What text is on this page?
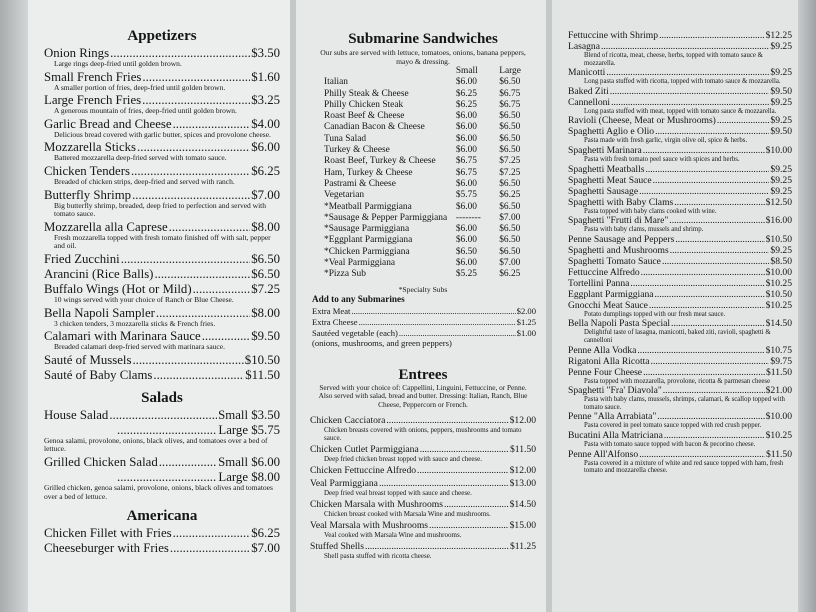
Appetizers
Onion Rings .....	$3.50
Large rings deep-fried until golden brown.
Small French Fries .....	$1.60
A smaller portion of fries, deep-fried until golden brown.
Large French Fries .....	$3.25
A generous mountain of fries, deep-fried until golden brown.
Garlic Bread and Cheese .....	$4.00
Delicious bread covered with garlic butter, spices and provolone cheese.
Mozzarella Sticks .....	$6.00
Battered mozzarella deep-fried served with tomato sauce.
Chicken Tenders .....	$6.25
Breaded of chicken strips, deep-fried and served with ranch.
Butterfly Shrimp .....	$7.00
Big butterfly shrimp, breaded, deep fried to perfection and served with tomato sauce.
Mozzarella alla Caprese .....	$8.00
Fresh mozzarella topped with fresh tomato finished off with salt, pepper and oil.
Fried Zucchini .....	$6.50
Arancini (Rice Balls) .....	$6.50
Buffalo Wings (Hot or Mild) .....	$7.25
10 wings served with your choice of Ranch or Blue Cheese.
Bella Napoli Sampler .....	$8.00
3 chicken tenders, 3 mozzarella sticks & French fries.
Calamari with Marinara Sauce .....	$9.50
Breaded calamari deep-fried served with marinara sauce.
Sauté of Mussels .....	$10.50
Sauté of Baby Clams .....	$11.50
Salads
House Salad .....	Small $3.50
.....
Large $5.75
Genoa salami, provolone, onions, black olives, and tomatoes over a bed of lettuce.
Grilled Chicken Salad .....	Small $6.00
.....
Large $8.00
Grilled chicken, genoa salami, provolone, onions, black olives and tomatoes over a bed of lettuce.
Americana
Chicken Fillet with Fries .....	$6.25
Cheeseburger with Fries .....	$7.00
Submarine Sandwiches
Our subs are served with lettuce, tomatoes, onions, banana peppers, mayo & dressing.
	Small	Large
Italian	$6.00	$6.50
Philly Steak & Cheese	$6.25	$6.75
Philly Chicken Steak	$6.25	$6.75
Roast Beef & Cheese	$6.00	$6.50
Canadian Bacon & Cheese	$6.00	$6.50
Tuna Salad	$6.00	$6.50
Turkey & Cheese	$6.00	$6.50
Roast Beef, Turkey & Cheese	$6.75	$7.25
Ham, Turkey & Cheese	$6.75	$7.25
Pastrami & Cheese	$6.00	$6.50
Vegetarian	$5.75	$6.25
*Meatball Parmiggiana	$6.00	$6.50
*Sausage & Pepper Parmiggiana	--------	$7.00
*Sausage Parmiggiana	$6.00	$6.50
*Eggplant Parmiggiana	$6.00	$6.50
*Chicken Parmiggiana	$6.50	$6.50
*Veal Parmiggiana	$6.00	$7.00
*Pizza Sub	$5.25	$6.25
*Specialty Subs
Add to any Submarines
Extra Meat .....	$2.00
Extra Cheese .....	$1.25
Sautéed vegetable (each) .....	$1.00
(onions, mushrooms, and green peppers)
Entrees
Served with your choice of: Cappellini, Linguini, Fettuccine, or Penne. Also served with salad, bread and butter. Dressing: Italian, Ranch, Blue Cheese, Peppercorn or French.
Chicken Cacciatora .....	$12.00
Chicken breasts covered with onions, peppers, mushrooms and tomato sauce.
Chicken Cutlet Parmiggiana .....	$11.50
Deep fried chicken breast topped with sauce and cheese.
Chicken Fettuccine Alfredo .....	$12.00
Veal Parmiggiana .....	$13.00
Deep fried veal breast topped with sauce and cheese.
Chicken Marsala with Mushrooms .....	$14.50
Chicken breast cooked with Marsala Wine and mushrooms.
Veal Marsala with Mushrooms .....	$15.00
Veal cooked with Marsala Wine and mushrooms.
Stuffed Shells .....	$11.25
Shell pasta stuffed with ricotta cheese.
Fettuccine with Shrimp .....	$12.25
Lasagna .....	$9.25
Blend of ricotta, meat, cheese, herbs, topped with tomato sauce & mozzarella.
Manicotti .....	$9.25
Long pasta stuffed with ricotta, topped with tomato sauce & mozzarella.
Baked Ziti .....	$9.50
Cannelloni .....	$9.25
Long pasta stuffed with meat, topped with tomato sauce & mozzarella.
Ravioli (Cheese, Meat or Mushrooms) .....	$9.25
Spaghetti Aglio e Olio .....	$9.50
Pasta made with fresh garlic, virgin olive oil, spice & herbs.
Spaghetti Marinara .....	$10.00
Pasta with fresh tomato peel sauce with spices and herbs.
Spaghetti Meatballs .....	$9.25
Spaghetti Meat Sauce .....	$9.25
Spaghetti Sausage .....	$9.25
Spaghetti with Baby Clams .....	$12.50
Pasta topped with baby clams cooked with wine.
Spaghetti "Frutti di Mare" .....	$16.00
Pasta with baby clams, mussels and shrimp.
Penne Sausage and Peppers .....	$10.50
Spaghetti and Mushrooms .....	$9.25
Spaghetti Tomato Sauce .....	$8.50
Fettuccine Alfredo .....	$10.00
Tortellini Panna .....	$10.25
Eggplant Parmiggiana .....	$10.50
Gnocchi Meat Sauce .....	$10.25
Potato dumplings topped with our fresh meat sauce.
Bella Napoli Pasta Special .....	$14.50
Delightful taste of lasagna, manicotti, baked ziti, ravioli, spaghetti & cannelloni
Penne Alla Vodka .....	$10.75
Rigatoni Alla Ricotta .....	$9.75
Penne Four Cheese .....	$11.50
Pasta topped with mozzarella, provolone, ricotta & parmesan cheese
Spaghetti "Fra' Diavola" .....	$21.00
Pasta with baby clams, mussels, shrimps, calamari, & scallop topped with tomato sauce.
Penne "Alla Arrabiata" .....	$10.00
Pasta covered in peel tomato sauce topped with red crush pepper.
Bucatini Alla Matriciana .....	$10.25
Pasta with tomato sauce topped with bacon & pecorino cheese.
Penne All'Alfonso .....	$11.50
Pasta covered in a mixture of white and red sauce topped with ham, fresh tomato and mozzarella cheese.
